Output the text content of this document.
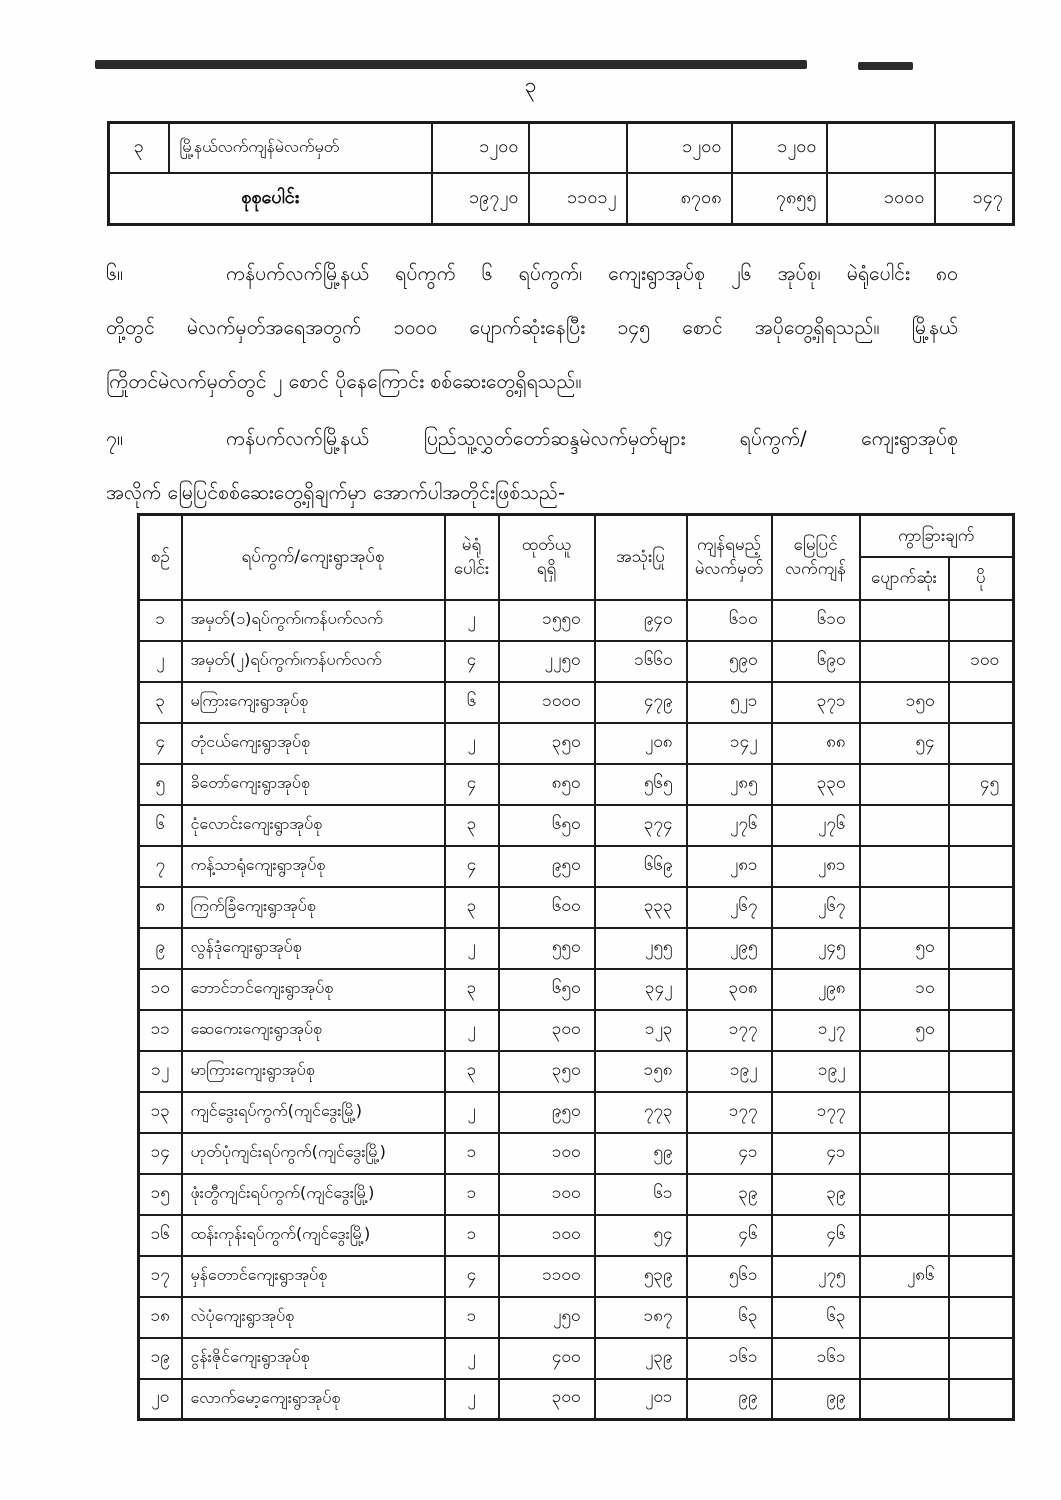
၃
၃	မြို့နယ်လက်ကျန်မဲလက်မှတ်	၁၂၀၀		၁၂၀၀	၁၂၀၀		
စုစုပေါင်း		၁၉၇၂၀	၁၁၀၁၂	၈၇၀၈	၇၈၅၅	၁၀၀၀	၁၄၇
၆။	ကန်ပက်လက်မြို့နယ် ရပ်ကွက် ၆ ရပ်ကွက်၊ ကျေးရွာအုပ်စု ၂၆ အုပ်စု၊ မဲရုံပေါင်း ၈၀
တို့တွင် မဲလက်မှတ်အရေအတွက် ၁၀၀၀ ပျောက်ဆုံးနေပြီး ၁၄၅ စောင် အပိုတွေ့ရှိရသည်။ မြို့နယ်
ကြိုတင်မဲလက်မှတ်တွင် ၂ စောင် ပိုနေကြောင်း စစ်ဆေးတွေ့ရှိရသည်။
၇။	ကန်ပက်လက်မြို့နယ် ပြည်သူ့လွှတ်တော်ဆန္ဒမဲလက်မှတ်များ ရပ်ကွက်/ ကျေးရွာအုပ်စု
အလိုက် မြေပြင်စစ်ဆေးတွေ့ရှိချက်မှာ အောက်ပါအတိုင်းဖြစ်သည်-
စဉ်	ရပ်ကွက်/ကျေးရွာအုပ်စု	
မဲရုံ
ပေါင်း

ထုတ်ယူ
ရရှိ
	အသုံးပြု	
ကျန်ရမည့်
မဲလက်မှတ်

မြေပြင်
လက်ကျန်
	ကွာခြားချက်
							ပျောက်ဆုံး	ပို
၁	အမှတ်(၁)ရပ်ကွက်၊ကန်ပက်လက်	၂	၁၅၅၀	၉၄၀	၆၁၀	၆၁၀		
၂	အမှတ်(၂)ရပ်ကွက်၊ကန်ပက်လက်	၄	၂၂၅၀	၁၆၆၀	၅၉၀	၆၉၀		၁၀၀
၃	မကြားကျေးရွာအုပ်စု	၆	၁၀၀၀	၄၇၉	၅၂၁	၃၇၁	၁၅၀	
၄	တုံငယ်ကျေးရွာအုပ်စု	၂	၃၅၀	၂၀၈	၁၄၂	၈၈	၅၄	
၅	ခိတော်ကျေးရွာအုပ်စု	၄	၈၅၀	၅၆၅	၂၈၅	၃၃၀		၄၅
၆	ငုံလောင်းကျေးရွာအုပ်စု	၃	၆၅၀	၃၇၄	၂၇၆	၂၇၆		
၇	ကန့်သာရုံကျေးရွာအုပ်စု	၄	၉၅၀	၆၆၉	၂၈၁	၂၈၁		
၈	ကြက်ခြံကျေးရွာအုပ်စု	၃	၆၀၀	၃၃၃	၂၆၇	၂၆၇		
၉	လွန်ဒုံကျေးရွာအုပ်စု	၂	၅၅၀	၂၅၅	၂၉၅	၂၄၅	၅၀	
၁၀	ဘောင်ဘင်ကျေးရွာအုပ်စု	၃	၆၅၀	၃၄၂	၃၀၈	၂၉၈	၁၀	
၁၁	ဆေကေးကျေးရွာအုပ်စု	၂	၃၀၀	၁၂၃	၁၇၇	၁၂၇	၅၀	
၁၂	မာကြားကျေးရွာအုပ်စု	၃	၃၅၀	၁၅၈	၁၉၂	၁၉၂		
၁၃	ကျင်ဒွေးရပ်ကွက်(ကျင်ဒွေးမြို့)	၂	၉၅၀	၇၇၃	၁၇၇	၁၇၇		
၁၄	ဟုတ်ပုံကျင်းရပ်ကွက်(ကျင်ဒွေးမြို့)	၁	၁၀၀	၅၉	၄၁	၄၁		
၁၅	ဖုံးတွီကျင်းရပ်ကွက်(ကျင်ဒွေးမြို့)	၁	၁၀၀	၆၁	၃၉	၃၉		
၁၆	ထန်းကုန်းရပ်ကွက်(ကျင်ဒွေးမြို့)	၁	၁၀၀	၅၄	၄၆	၄၆		
၁၇	မှန်တောင်ကျေးရွာအုပ်စု	၄	၁၁၀၀	၅၃၉	၅၆၁	၂၇၅	၂၈၆	
၁၈	လဲပုံကျေးရွာအုပ်စု	၁	၂၅၀	၁၈၇	၆၃	၆၃		
၁၉	ငွန်းဇိုင်ကျေးရွာအုပ်စု	၂	၄၀၀	၂၃၉	၁၆၁	၁၆၁		
၂၀	လောက်မော့ကျေးရွာအုပ်စု	၂	၃၀၀	၂၀၁	၉၉	၉၉		
